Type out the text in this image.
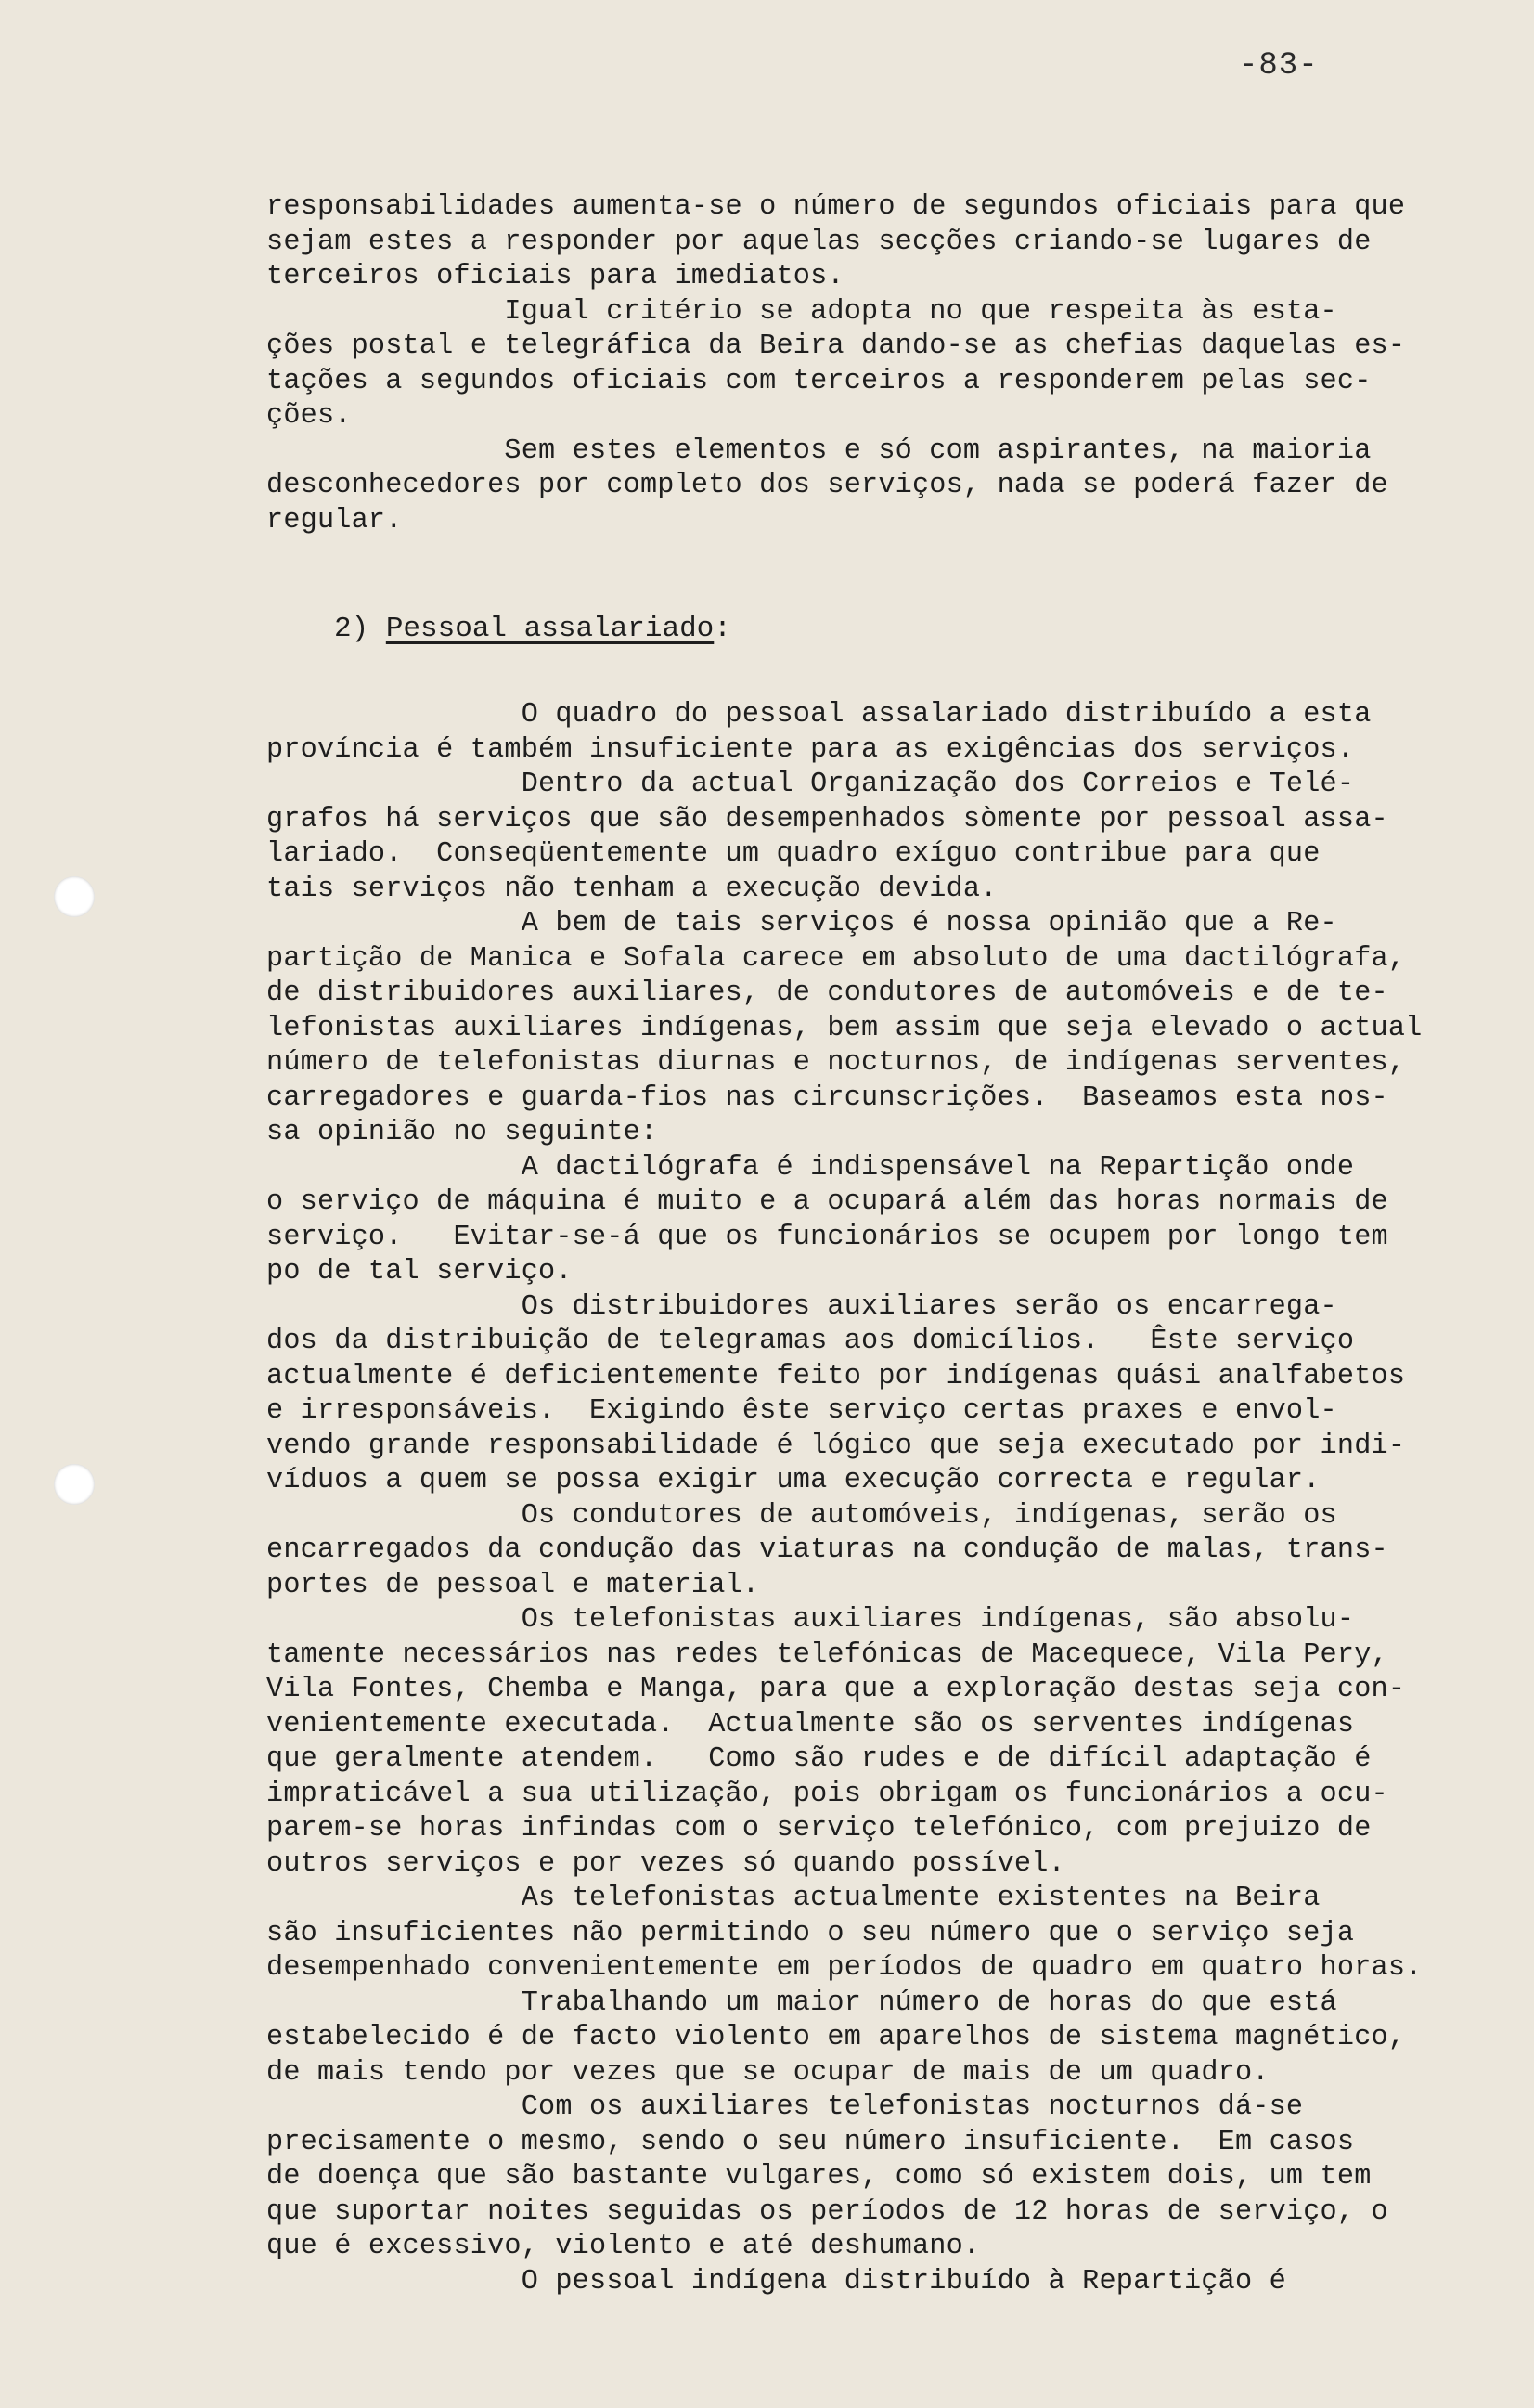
-83-
responsabilidades aumenta-se o número de segundos oficiais para que
sejam estes a responder por aquelas secções criando-se lugares de
terceiros oficiais para imediatos.
Igual critério se adopta no que respeita às esta-
ções postal e telegráfica da Beira dando-se as chefias daquelas es-
tações a segundos oficiais com terceiros a responderem pelas sec-
ções.
Sem estes elementos e só com aspirantes, na maioria
desconhecedores por completo dos serviços, nada se poderá fazer de
regular.
2) Pessoal assalariado:
O quadro do pessoal assalariado distribuído a esta
província é também insuficiente para as exigências dos serviços.
Dentro da actual Organização dos Correios e Telé-
grafos há serviços que são desempenhados sòmente por pessoal assa-
lariado.  Conseqüentemente um quadro exíguo contribue para que
tais serviços não tenham a execução devida.
A bem de tais serviços é nossa opinião que a Re-
partição de Manica e Sofala carece em absoluto de uma dactilógrafa,
de distribuidores auxiliares, de condutores de automóveis e de te-
lefonistas auxiliares indígenas, bem assim que seja elevado o actual
número de telefonistas diurnas e nocturnos, de indígenas serventes,
carregadores e guarda-fios nas circunscrições.  Baseamos esta nos-
sa opinião no seguinte:
A dactilógrafa é indispensável na Repartição onde
o serviço de máquina é muito e a ocupará além das horas normais de
serviço.   Evitar-se-á que os funcionários se ocupem por longo tem
po de tal serviço.
Os distribuidores auxiliares serão os encarrega-
dos da distribuição de telegramas aos domicílios.   Êste serviço
actualmente é deficientemente feito por indígenas quási analfabetos
e irresponsáveis.  Exigindo êste serviço certas praxes e envol-
vendo grande responsabilidade é lógico que seja executado por indi-
víduos a quem se possa exigir uma execução correcta e regular.
Os condutores de automóveis, indígenas, serão os
encarregados da condução das viaturas na condução de malas, trans-
portes de pessoal e material.
Os telefonistas auxiliares indígenas, são absolu-
tamente necessários nas redes telefónicas de Macequece, Vila Pery,
Vila Fontes, Chemba e Manga, para que a exploração destas seja con-
venientemente executada.  Actualmente são os serventes indígenas
que geralmente atendem.   Como são rudes e de difícil adaptação é
impraticável a sua utilização, pois obrigam os funcionários a ocu-
parem-se horas infindas com o serviço telefónico, com prejuizo de
outros serviços e por vezes só quando possível.
As telefonistas actualmente existentes na Beira
são insuficientes não permitindo o seu número que o serviço seja
desempenhado convenientemente em períodos de quadro em quatro horas.
Trabalhando um maior número de horas do que está
estabelecido é de facto violento em aparelhos de sistema magnético,
de mais tendo por vezes que se ocupar de mais de um quadro.
Com os auxiliares telefonistas nocturnos dá-se
precisamente o mesmo, sendo o seu número insuficiente.  Em casos
de doença que são bastante vulgares, como só existem dois, um tem
que suportar noites seguidas os períodos de 12 horas de serviço, o
que é excessivo, violento e até deshumano.
O pessoal indígena distribuído à Repartição é
